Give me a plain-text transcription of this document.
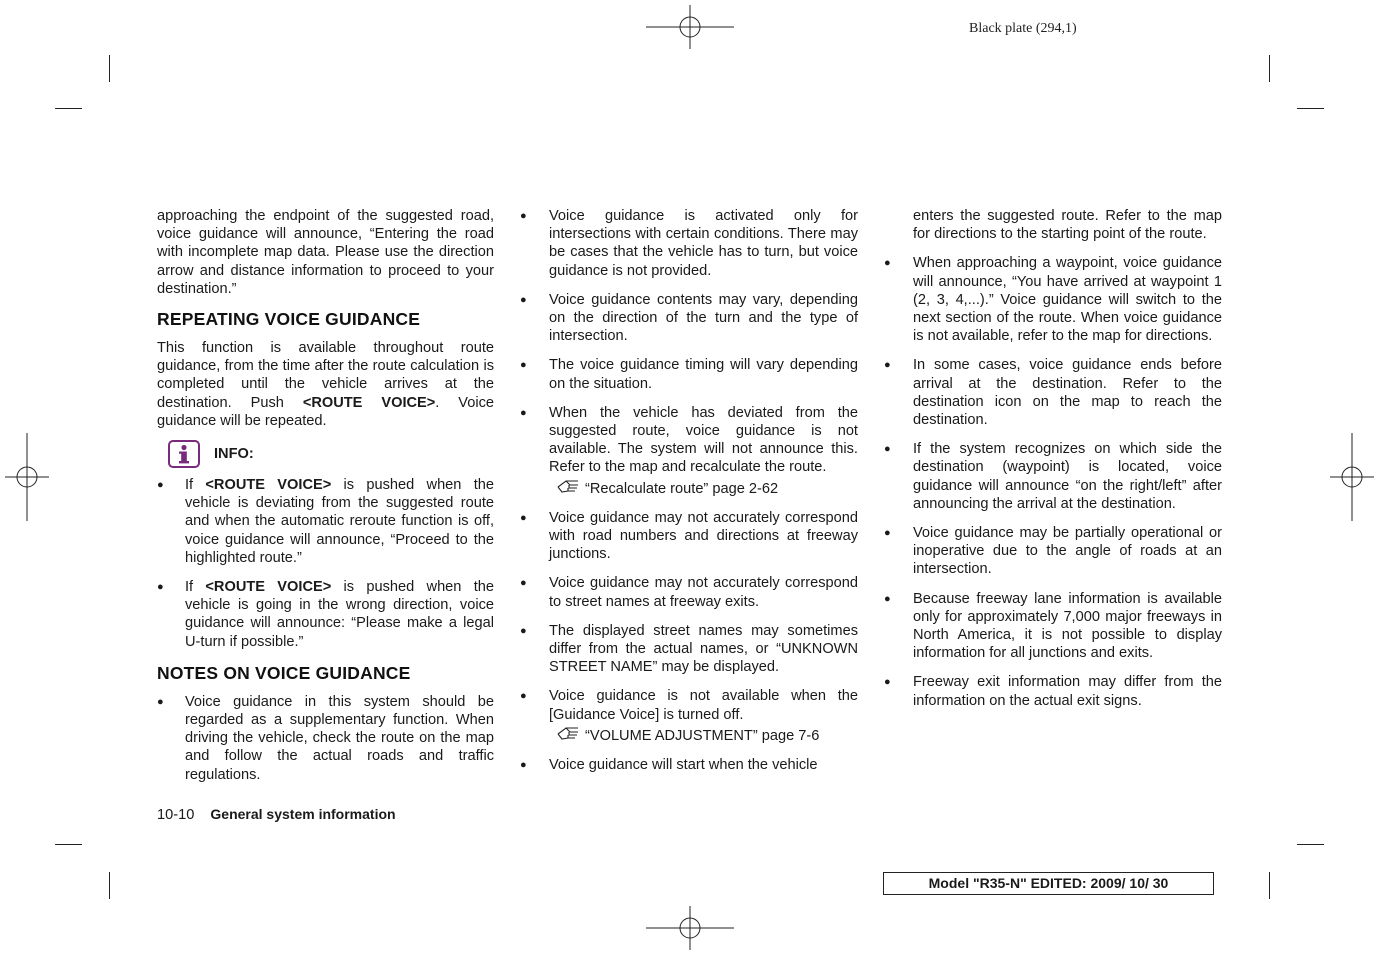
Black plate (294,1)

approaching the endpoint of the suggested road, voice guidance will announce, “Entering the road with incomplete map data. Please use the direction arrow and distance information to proceed to your destination.”

REPEATING VOICE GUIDANCE

This function is available throughout route guidance, from the time after the route calculation is completed until the vehicle arrives at the destination. Push <ROUTE VOICE>. Voice guidance will be repeated.

INFO:
● If <ROUTE VOICE> is pushed when the vehicle is deviating from the suggested route and when the automatic reroute function is off, voice guidance will announce, “Proceed to the highlighted route.”
● If <ROUTE VOICE> is pushed when the vehicle is going in the wrong direction, voice guidance will announce: “Please make a legal U-turn if possible.”
NOTES ON VOICE GUIDANCE
● Voice guidance in this system should be regarded as a supplementary function. When driving the vehicle, check the route on the map and follow the actual roads and traffic regulations.
● Voice guidance is activated only for intersections with certain conditions. There may be cases that the vehicle has to turn, but voice guidance is not provided.
● Voice guidance contents may vary, depending on the direction of the turn and the type of intersection.
● The voice guidance timing will vary depending on the situation.
● When the vehicle has deviated from the suggested route, voice guidance is not available. The system will not announce this. Refer to the map and recalculate the route.
“Recalculate route” page 2-62
● Voice guidance may not accurately correspond with road numbers and directions at freeway junctions.
● Voice guidance may not accurately correspond to street names at freeway exits.
● The displayed street names may sometimes differ from the actual names, or “UNKNOWN STREET NAME” may be displayed.
● Voice guidance is not available when the [Guidance Voice] is turned off.
“VOLUME ADJUSTMENT” page 7-6
● Voice guidance will start when the vehicle
enters the suggested route. Refer to the map for directions to the starting point of the route.
● When approaching a waypoint, voice guidance will announce, “You have arrived at waypoint 1 (2, 3, 4,...).” Voice guidance will switch to the next section of the route. When voice guidance is not available, refer to the map for directions.
● In some cases, voice guidance ends before arrival at the destination. Refer to the destination icon on the map to reach the destination.
● If the system recognizes on which side the destination (waypoint) is located, voice guidance will announce “on the right/left” after announcing the arrival at the destination.
● Voice guidance may be partially operational or inoperative due to the angle of roads at an intersection.
● Because freeway lane information is available only for approximately 7,000 major freeways in North America, it is not possible to display information for all junctions and exits.
● Freeway exit information may differ from the information on the actual exit signs.
10-10 General system information
Model "R35-N" EDITED: 2009/ 10/ 30
